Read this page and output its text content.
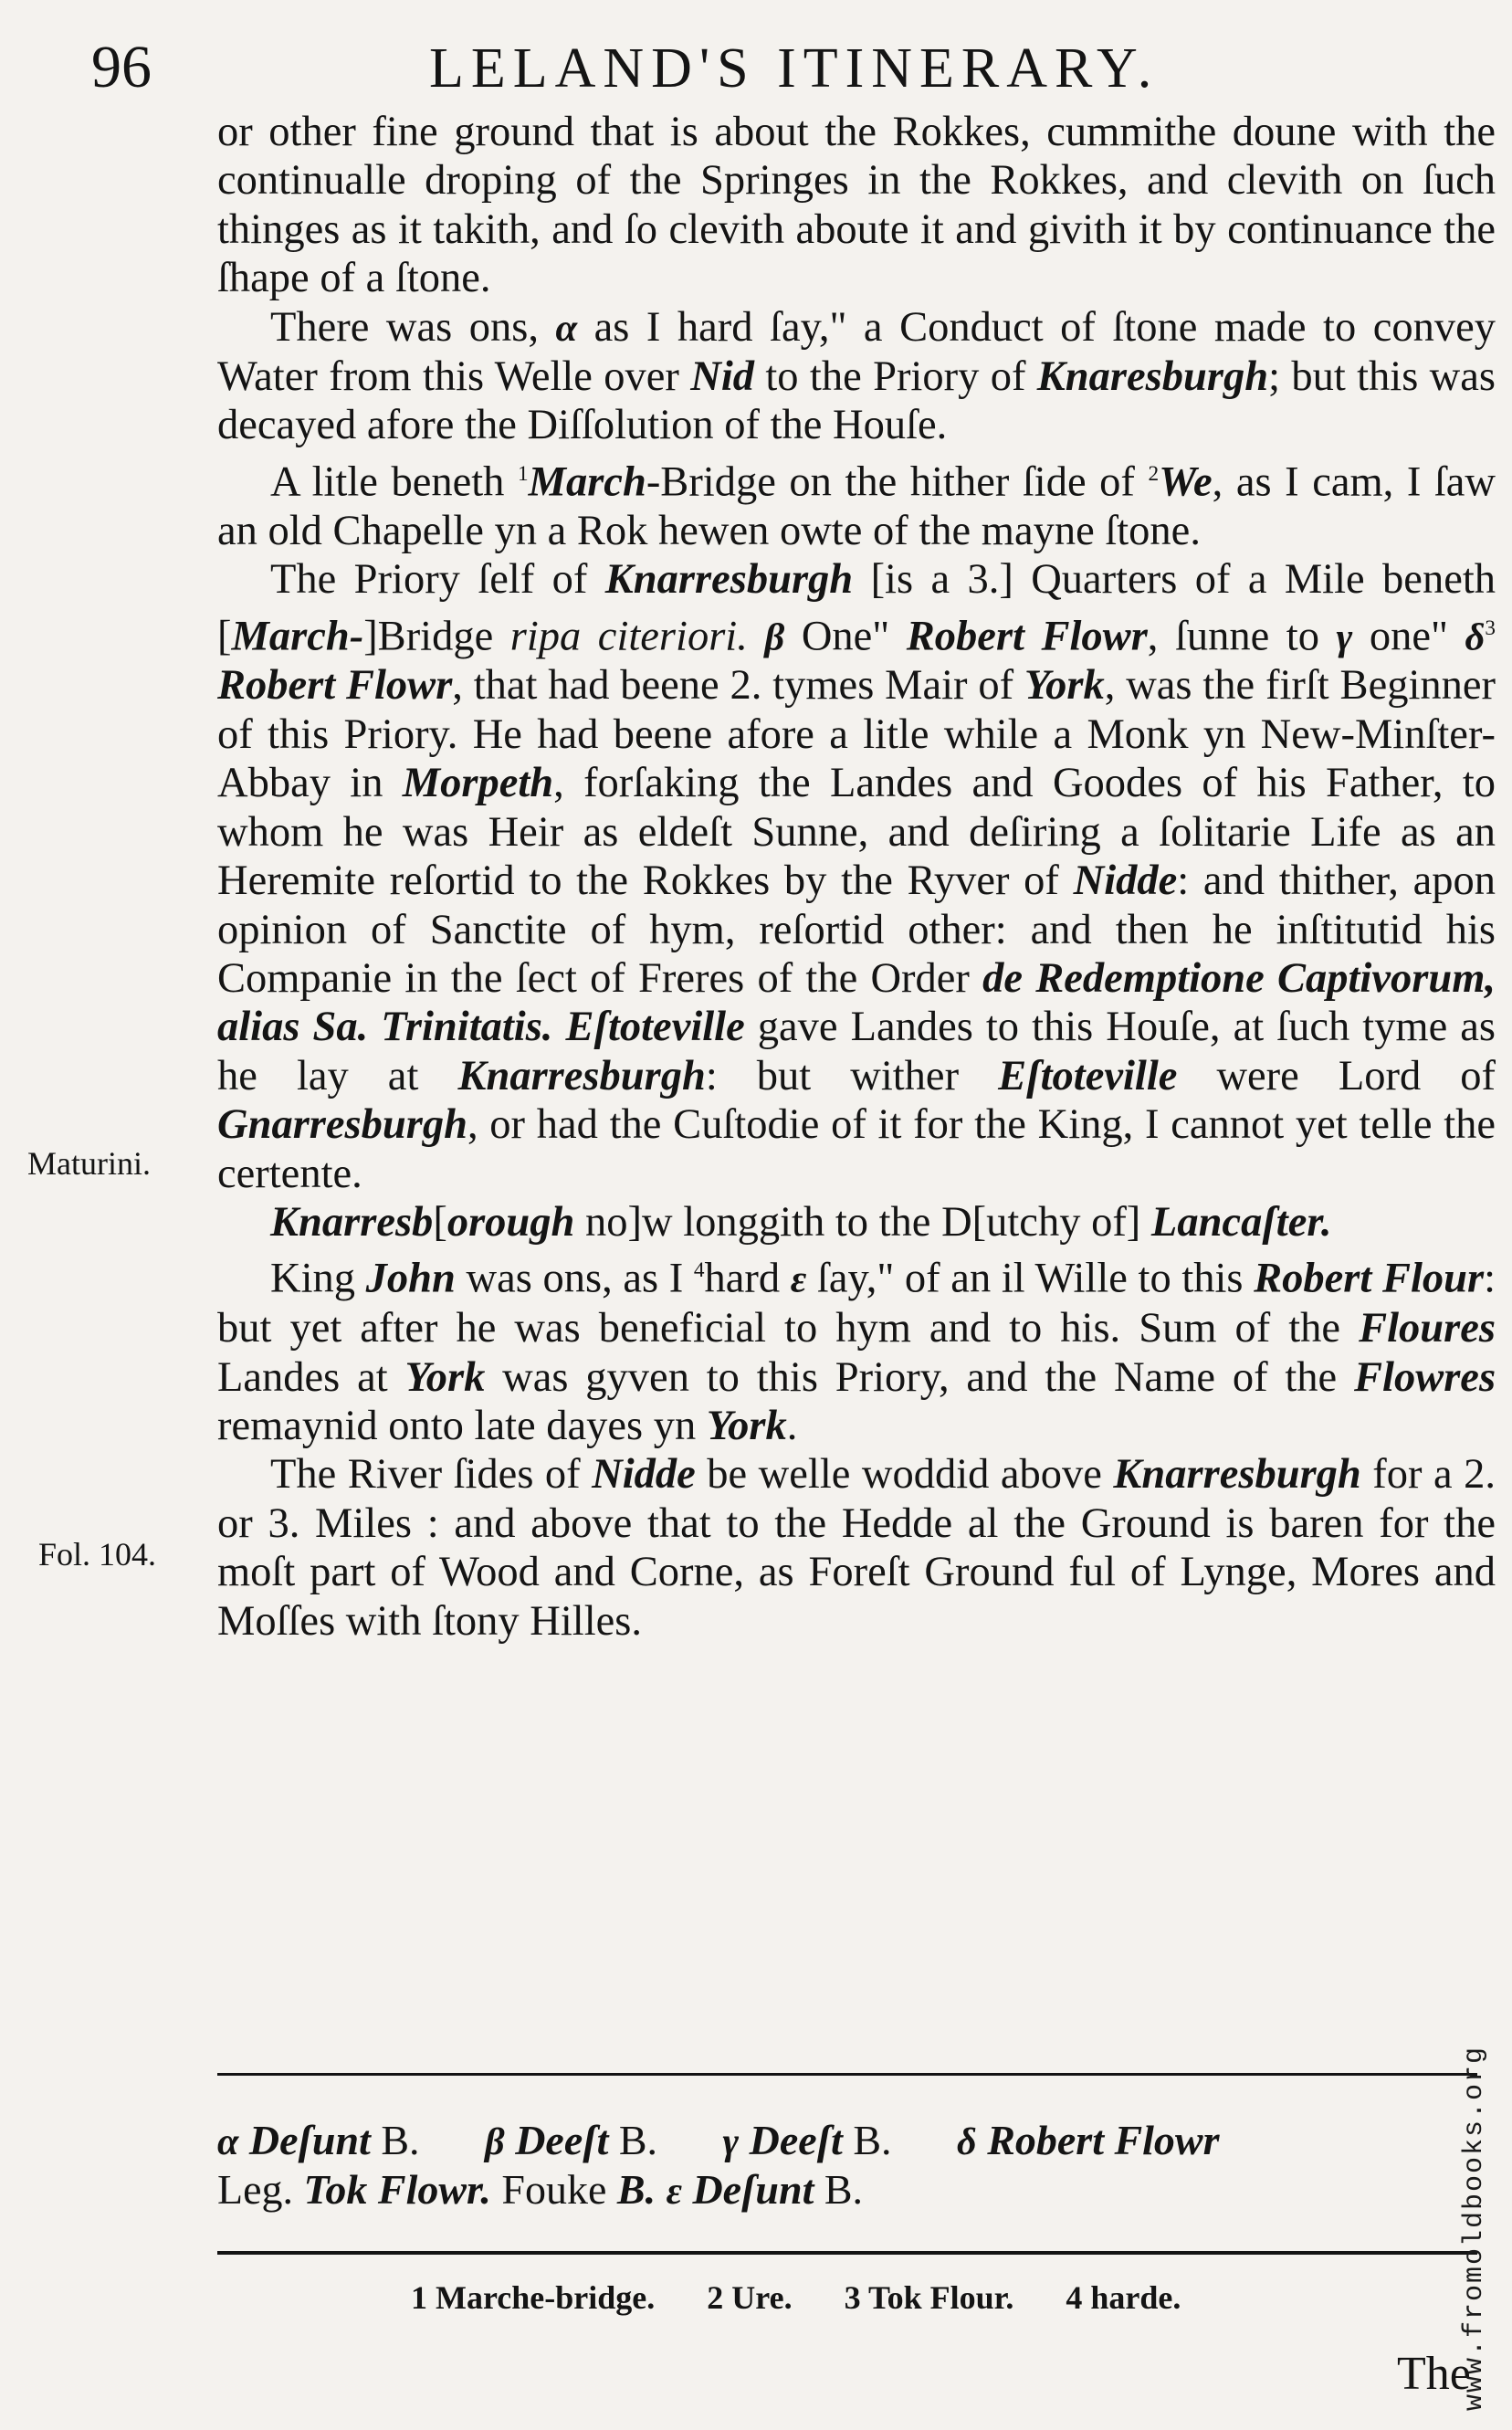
96	LELAND'S ITINERARY.
Maturini.
Fol. 104.

or other fine ground that is about the Rokkes, cummithe doune with the continualle droping of the Springes in the Rokkes, and clevith on ſuch thinges as it takith, and ſo clevith aboute it and givith it by continuance the ſhape of a ſtone.

There was ons, α as I hard ſay," a Conduct of ſtone made to convey Water from this Welle over Nid to the Priory of Knaresburgh; but this was decayed afore the Diſſolution of the Houſe.

A litle beneth $^1$March-Bridge on the hither ſide of $^2$We, as I cam, I ſaw an old Chapelle yn a Rok hewen owte of the mayne ſtone.

The Priory ſelf of Knarresburgh [is a 3.] Quarters of a Mile beneth [March-]Bridge ripa citeriori. β One" Robert Flowr, ſunne to γ one" $\delta^3$ Robert Flowr, that had beene 2. tymes Mair of York, was the firſt Beginner of this Priory. He had beene afore a litle while a Monk yn New-Minſter-Abbay in Morpeth, forſaking the Landes and Goodes of his Father, to whom he was Heir as eldeſt Sunne, and deſiring a ſolitarie Life as an Heremite reſortid to the Rokkes by the Ryver of Nidde: and thither, apon opinion of Sanctite of hym, reſortid other: and then he inſtitutid his Companie in the ſect of Freres of the Order de Redemptione Captivorum, alias Sa. Trinitatis. Eſtoteville gave Landes to this Houſe, at ſuch tyme as he lay at Knarresburgh: but wither Eſtoteville were Lord of Gnarresburgh, or had the Cuſtodie of it for the King, I cannot yet telle the certente.

Knarresb[orough no]w longgith to the D[utchy of] Lancaſter.

King John was ons, as I $^4$hard ε ſay," of an il Wille to this Robert Flour: but yet after he was beneficial to hym and to his. Sum of the Floures Landes at York was gyven to this Priory, and the Name of the Flowres remaynid onto late dayes yn York.

The River ſides of Nidde be welle woddid above Knarresburgh for a 2. or 3. Miles : and above that to the Hedde al the Ground is baren for the moſt part of Wood and Corne, as Foreſt Ground ful of Lynge, Mores and Moſſes with ſtony Hilles.

α Deſunt B. β Deeſt B. γ Deeſt B. δ Robert Flowr
Leg. Tok Flowr. Fouke B. ε Deſunt B.
1 Marche-bridge. 2 Ure. 3 Tok Flour. 4 harde.
The
www.fromoldbooks.org
